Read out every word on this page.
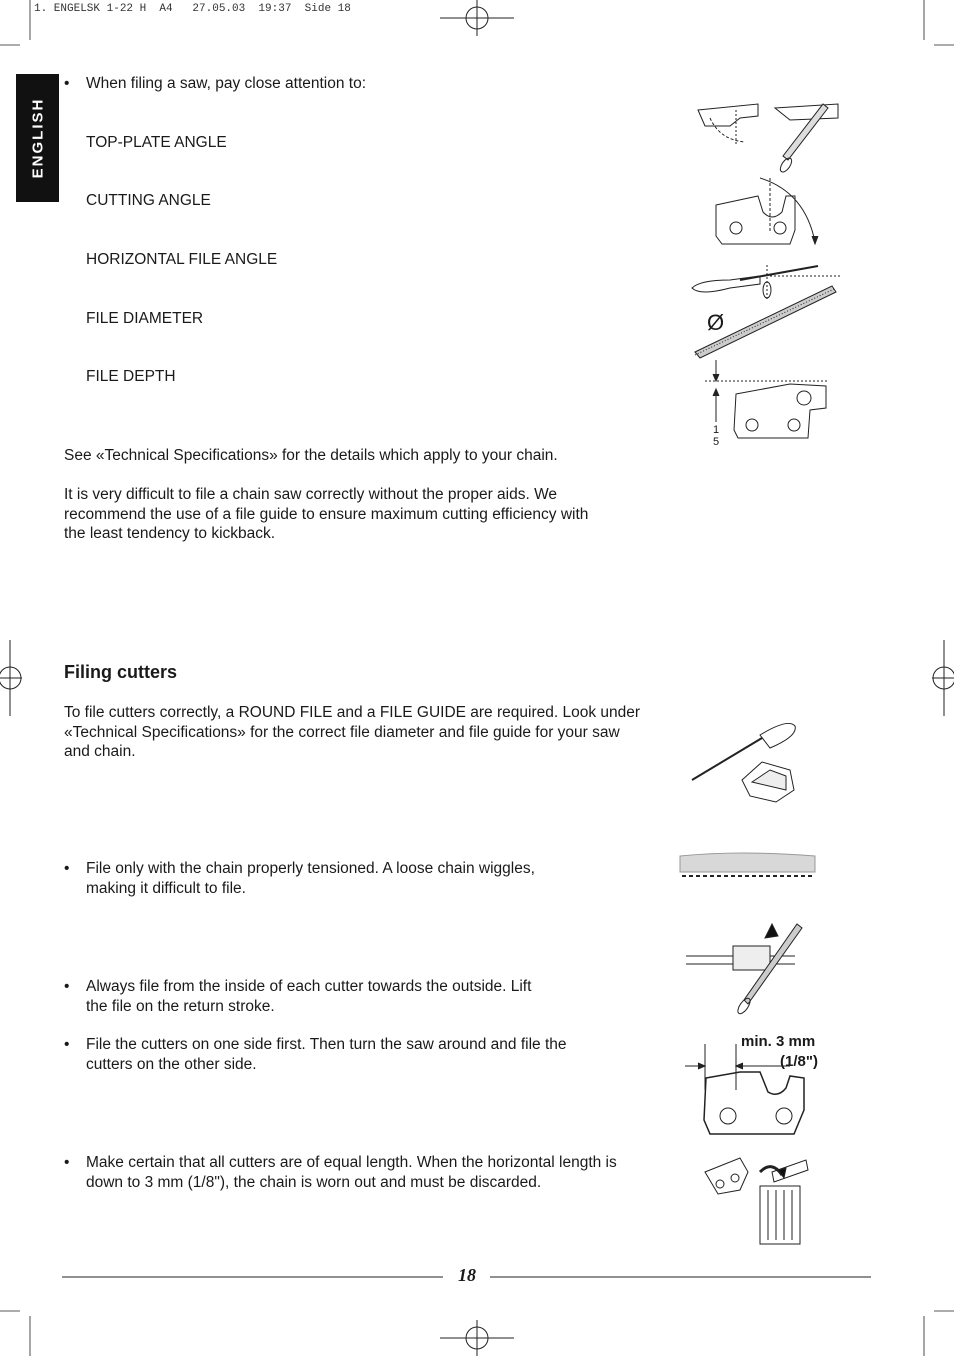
1. ENGELSK 1-22 H  A4   27.05.03  19:37  Side 18
ENGLISH
• When filing a saw, pay close attention to:
TOP-PLATE ANGLE
CUTTING ANGLE
HORIZONTAL FILE ANGLE
FILE DIAMETER
FILE DEPTH
See «Technical Specifications» for the details which apply to your chain.
It is very difficult to file a chain saw correctly without the proper aids. We recommend the use of a file guide to ensure maximum cutting efficiency with the least tendency to kickback.
Filing cutters
To file cutters correctly, a ROUND FILE and a FILE GUIDE are required. Look under «Technical Specifications» for the correct file diameter and file guide for your saw and chain.
• File only with the chain properly tensioned. A loose chain wiggles, making it difficult to file.
• Always file from the inside of each cutter towards the outside. Lift the file on the return stroke.
• File the cutters on one side first. Then turn the saw around and file the cutters on the other side.
• Make certain that all cutters are of equal length. When the horizontal length is down to 3 mm (1/8"), the chain is worn out and must be discarded.
18
Ø
1
5
min. 3 mm
(1/8")
